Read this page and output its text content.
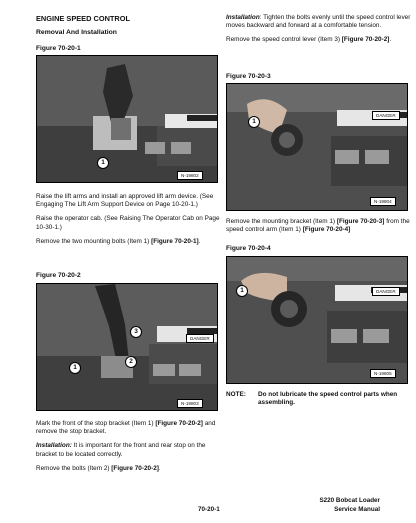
ENGINE SPEED CONTROL
Removal And Installation
Figure 70-20-1
1
N-19802

Raise the lift arms and install an approved lift arm device. (See Engaging The Lift Arm Support Device on Page 10-20-1.)

Raise the operator cab. (See Raising The Operator Cab on Page 10-30-1.)

Remove the two mounting bolts (Item 1) [Figure 70-20-1].

Figure 70-20-2
DANGER
3
2
1
N-19803

Mark the front of the stop bracket (Item 1) [Figure 70-20-2] and remove the stop bracket.

Installation: It is important for the front and rear stop on the bracket to be located correctly.

Remove the bolts (Item 2) [Figure 70-20-2].

Installation: Tighten the bolts evenly until the speed control lever moves backward and forward at a comfortable tension.

Remove the speed control lever (Item 3) [Figure 70-20-2].

Figure 70-20-3
DANGER
1
N-19804

Remove the mounting bracket (Item 1) [Figure 70-20-3] from the speed control arm (Item 1) [Figure 70-20-4]

Figure 70-20-4
DANGER
1
N-19805
NOTE: Do not lubricate the speed control parts when assembling.
70-20-1
S220 Bobcat Loader
Service Manual
